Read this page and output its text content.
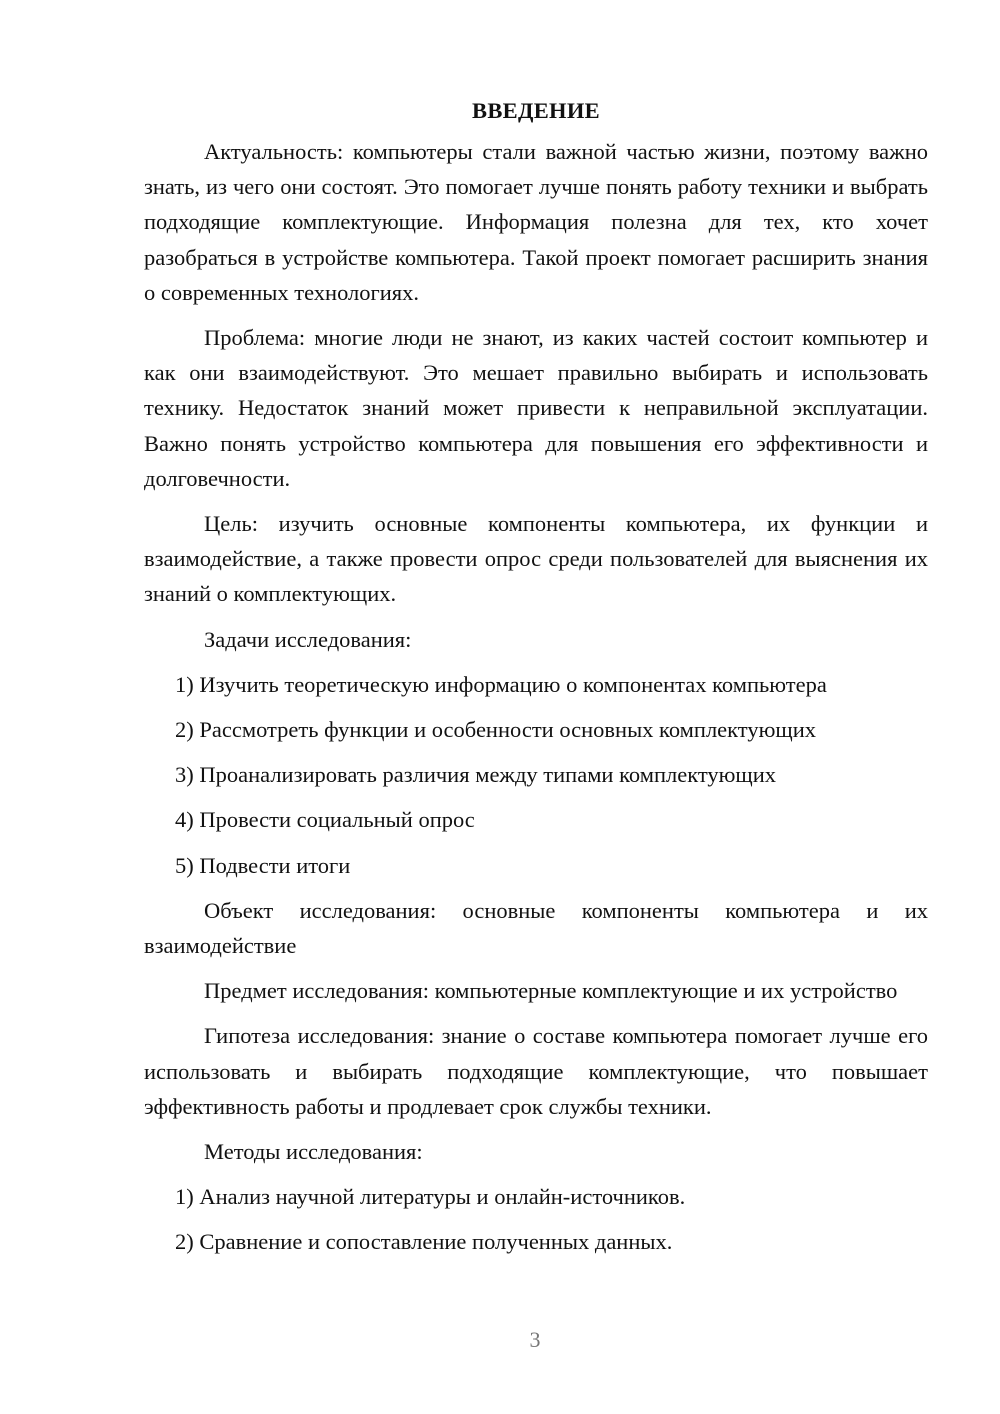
ВВЕДЕНИЕ

Актуальность: компьютеры стали важной частью жизни, поэтому важно знать, из чего они состоят. Это помогает лучше понять работу техники и выбрать подходящие комплектующие. Информация полезна для тех, кто хочет разобраться в устройстве компьютера. Такой проект помогает расширить знания о современных технологиях.

Проблема: многие люди не знают, из каких частей состоит компьютер и как они взаимодействуют. Это мешает правильно выбирать и использовать технику. Недостаток знаний может привести к неправильной эксплуатации. Важно понять устройство компьютера для повышения его эффективности и долговечности.

Цель: изучить основные компоненты компьютера, их функции и взаимодействие, а также провести опрос среди пользователей для выяснения их знаний о комплектующих.

Задачи исследования:

1) Изучить теоретическую информацию о компонентах компьютера

2) Рассмотреть функции и особенности основных комплектующих

3) Проанализировать различия между типами комплектующих

4) Провести социальный опрос

5) Подвести итоги

Объект исследования: основные компоненты компьютера и их взаимодействие

Предмет исследования: компьютерные комплектующие и их устройство

Гипотеза исследования: знание о составе компьютера помогает лучше его использовать и выбирать подходящие комплектующие, что повышает эффективность работы и продлевает срок службы техники.

Методы исследования:

1) Анализ научной литературы и онлайн-источников.

2) Сравнение и сопоставление полученных данных.

3
